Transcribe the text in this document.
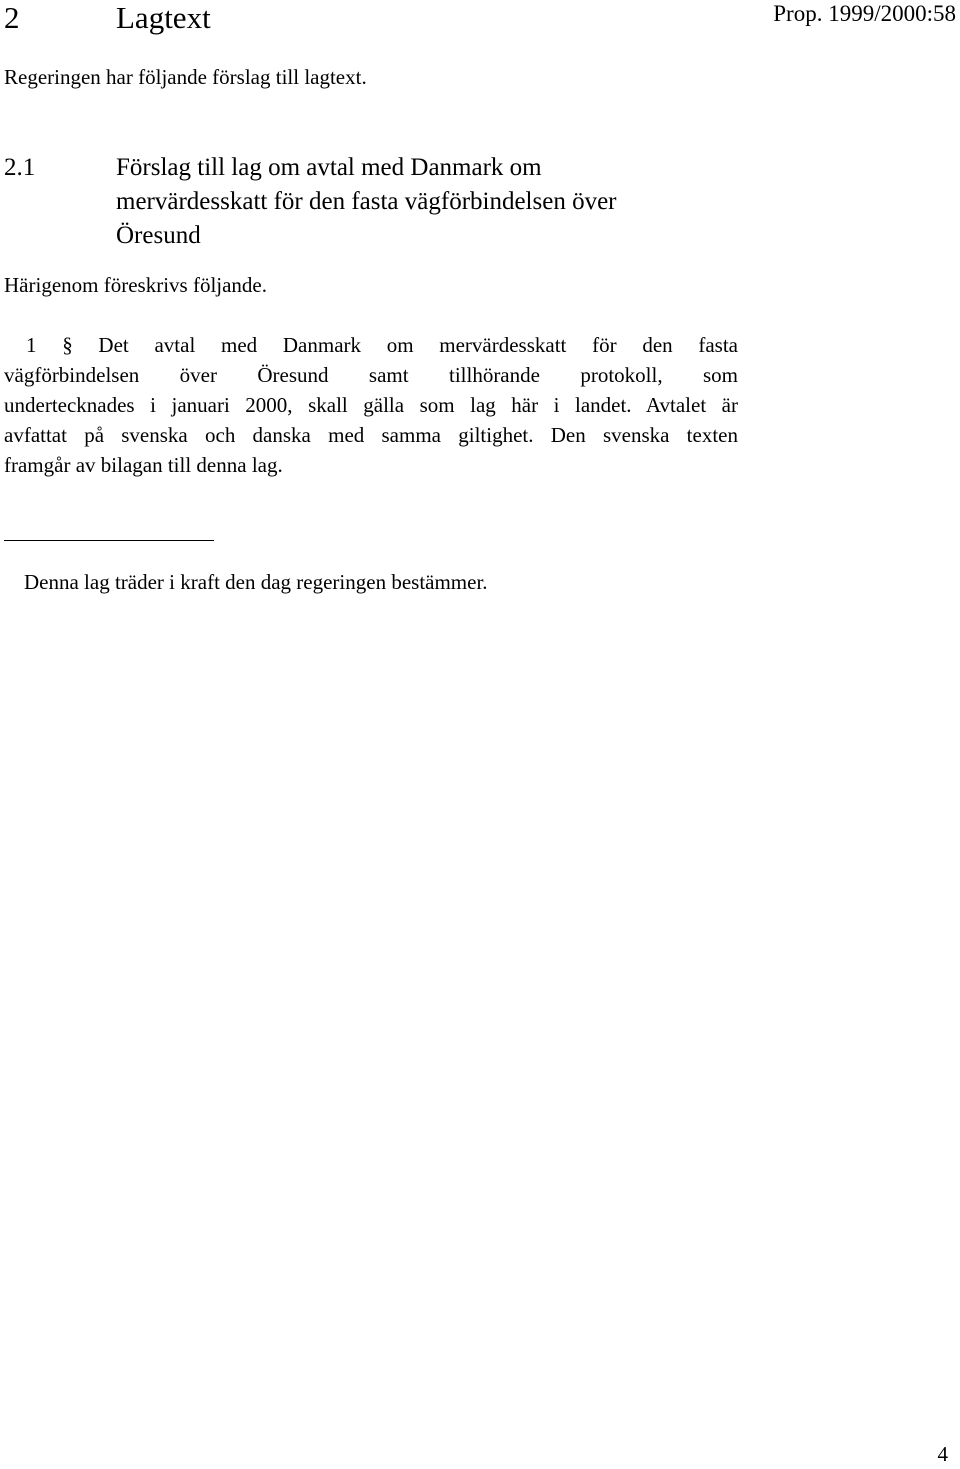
2	Lagtext	Prop. 1999/2000:58
Regeringen har följande förslag till lagtext.
2.1	Förslag till lag om avtal med Danmark om
mervärdesskatt för den fasta vägförbindelsen över
Öresund
Härigenom föreskrivs följande.
1 § Det avtal med Danmark om mervärdesskatt för den fasta
vägförbindelsen över Öresund samt tillhörande protokoll, som
undertecknades i januari 2000, skall gälla som lag här i landet. Avtalet är
avfattat på svenska och danska med samma giltighet. Den svenska texten
framgår av bilagan till denna lag.
Denna lag träder i kraft den dag regeringen bestämmer.
4
